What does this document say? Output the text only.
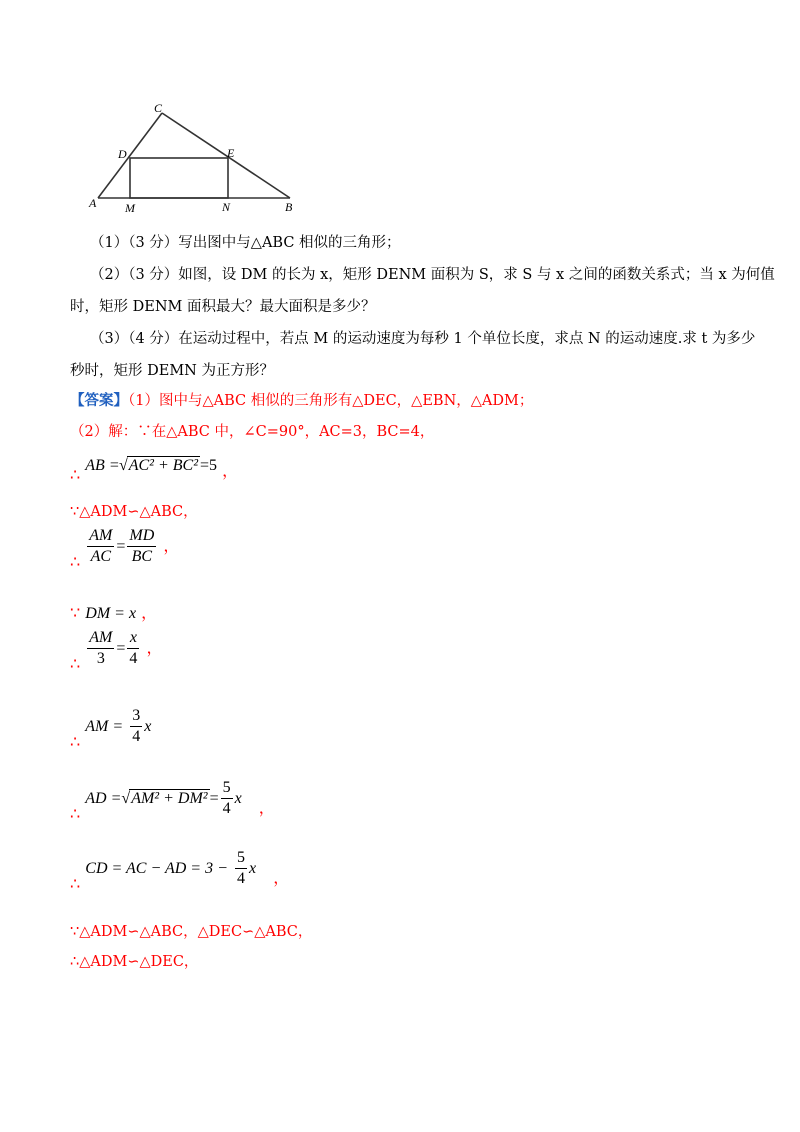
C
D	E
A M	N	B
（1）（3 分）写出图中与△ABC 相似的三角形；
（2）（3 分）如图，设 DM 的长为 x，矩形 DENM 面积为 S，求 S 与 x 之间的函数关系式；当 x 为何值
时，矩形 DENM 面积最大？最大面积是多少？
（3）（4 分）在运动过程中，若点 M 的运动速度为每秒 1 个单位长度，求点 N 的运动速度.求 t 为多少
秒时，矩形 DEMN 为正方形？
【答案】（1）图中与△ABC 相似的三角形有△DEC，△EBN，△ADM；
（2）解：∵在△ABC 中，∠C=90°，AC=3，BC=4，
∴ AB =√AC² + BC² =5 ，
∵△ADM∽△ABC，
∴ $\frac{AM}{AC} = \frac{MD}{BC}$ ，
∵ DM = x ，
∴ $\frac{AM}{3} = \frac{x}{4}$ ，
∴ AM = $\frac{3}{4}$ x
∴ AD $=√AM^2 + DM^2 = \frac{5}{4}$ x ，
∴ CD = AC − AD = $3 - \frac{5}{4}$ x ，
∵△ADM∽△ABC，△DEC∽△ABC，
∴△ADM∽△DEC，
